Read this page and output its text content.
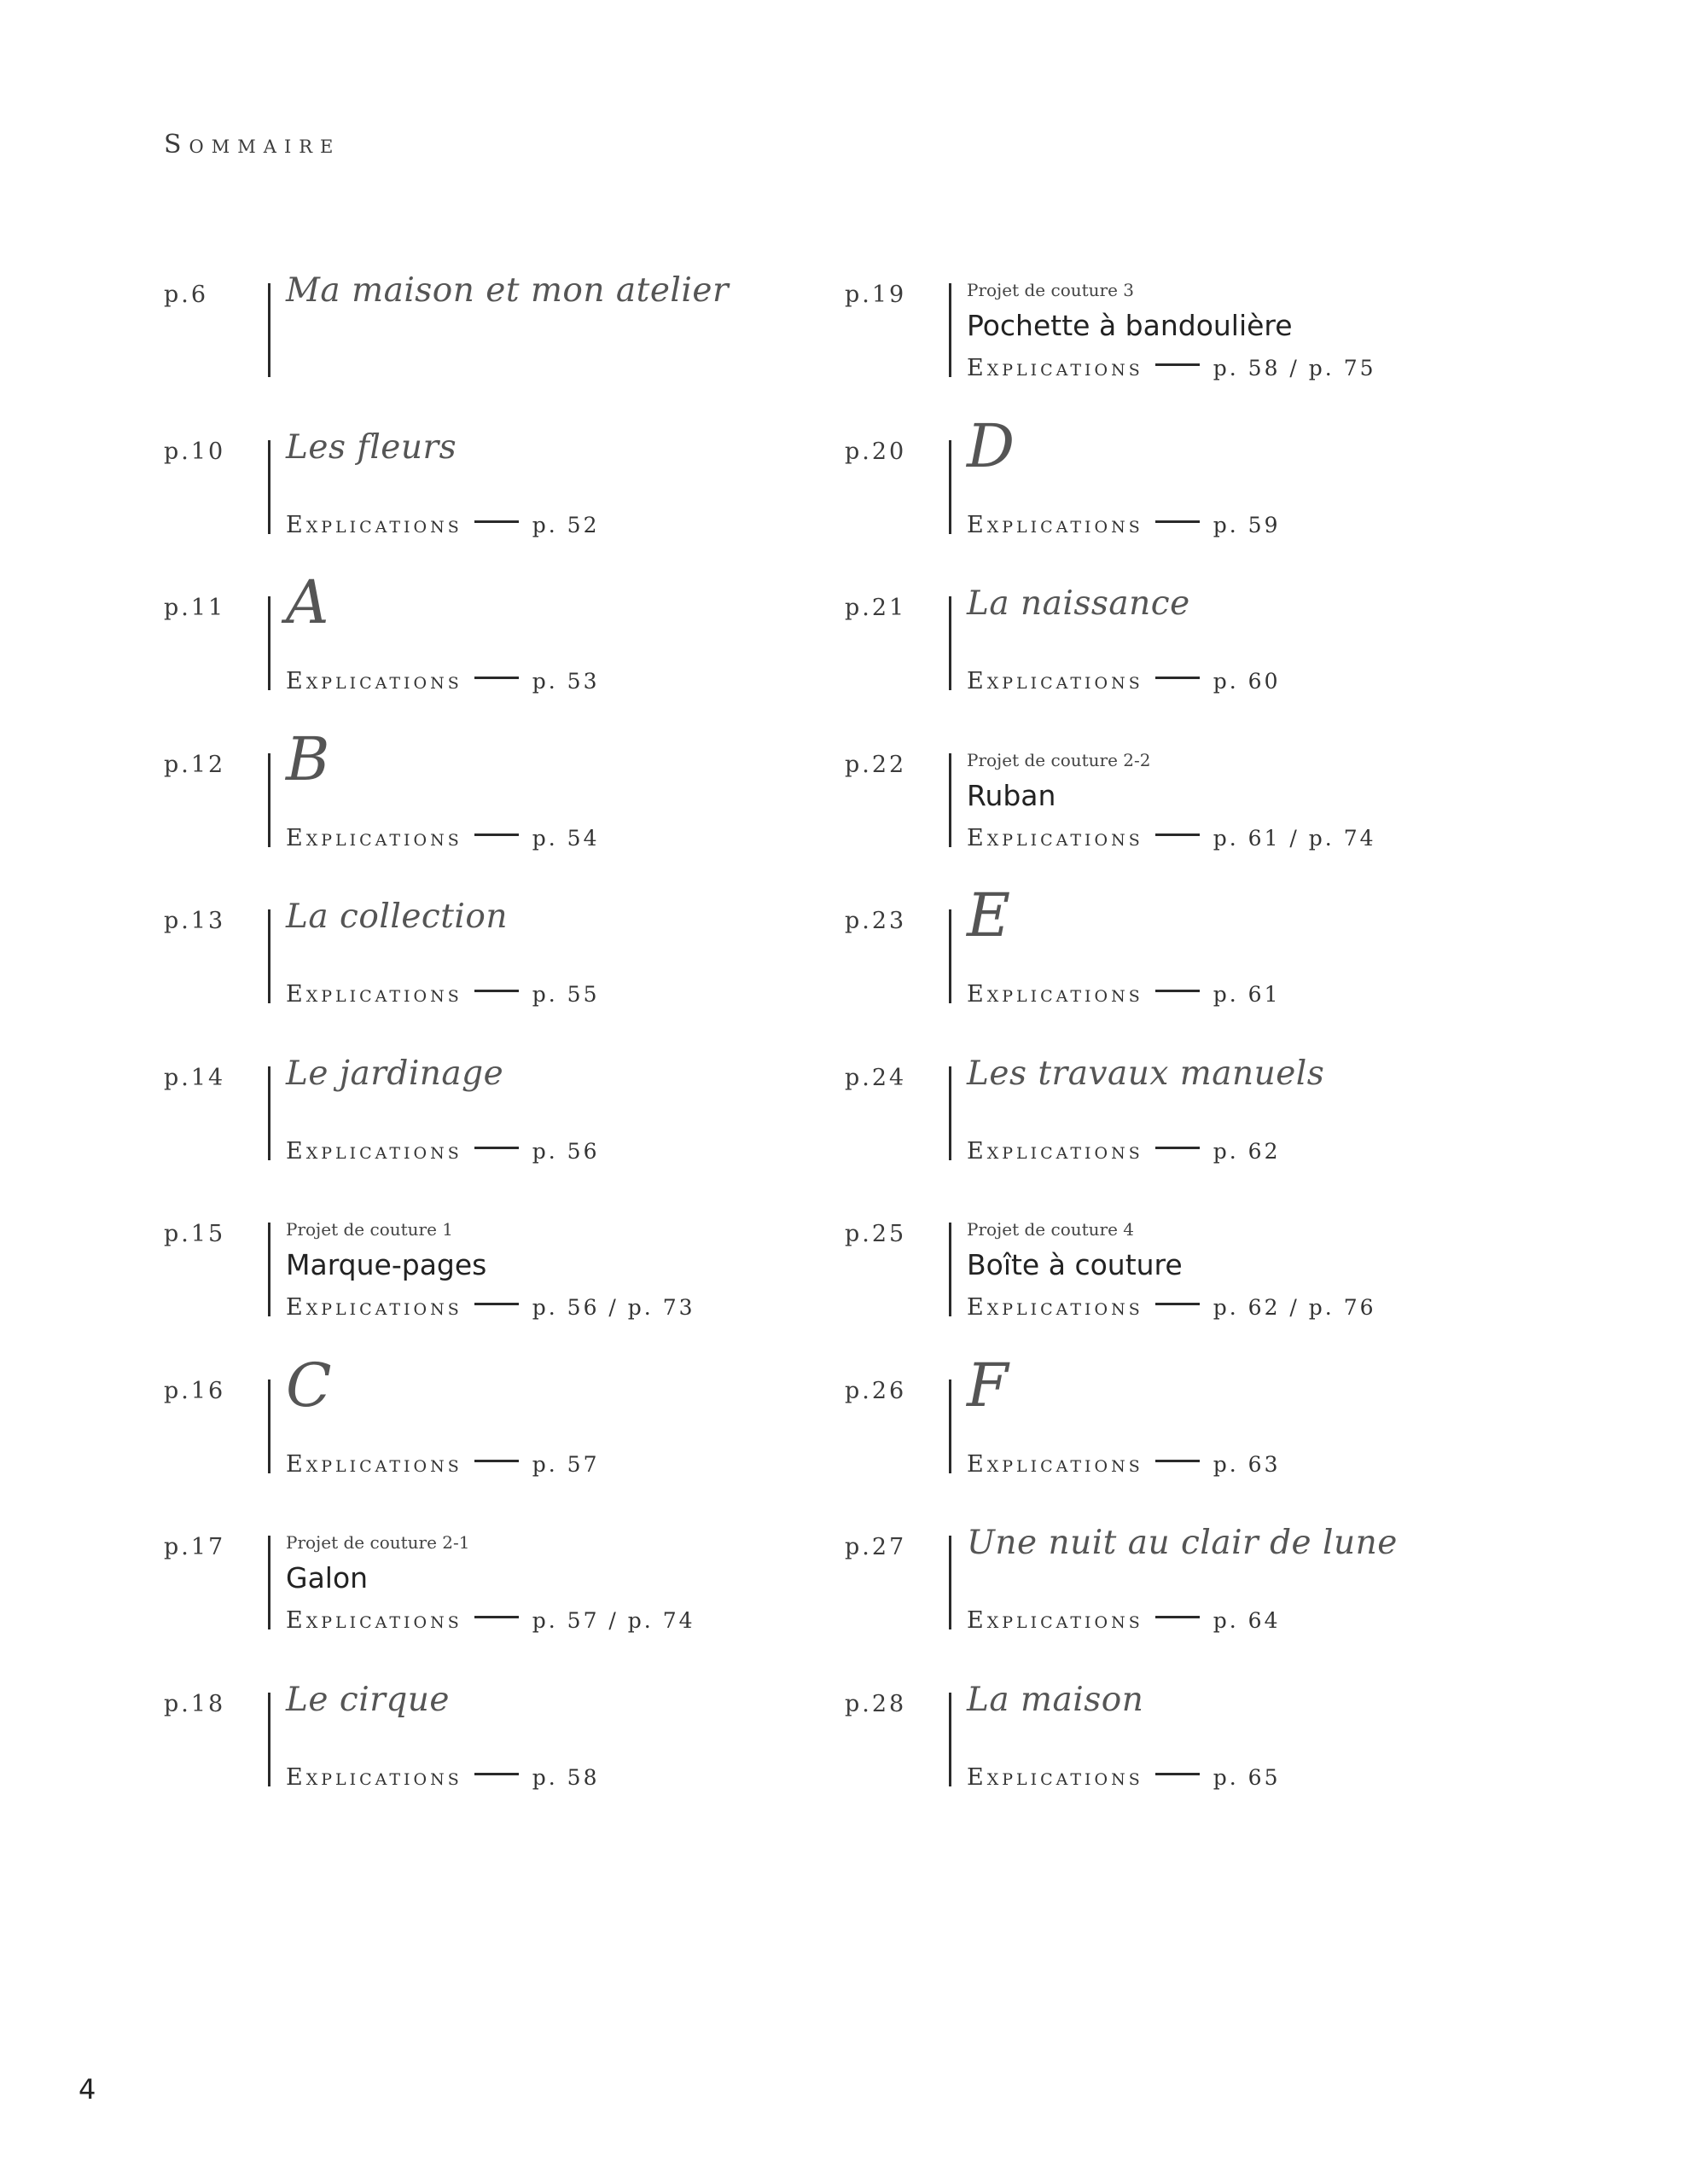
Sommaire
p.6	Ma maison et mon atelier
p.10	Les fleurs
Explications	p. 52
p.11	A
Explications	p. 53
p.12	B
Explications	p. 54
p.13	La collection
Explications	p. 55
p.14	Le jardinage
Explications	p. 56
p.15	Projet de couture 1
Marque-pages
Explications	p. 56 / p. 73
p.16	C
Explications	p. 57
p.17	Projet de couture 2-1
Galon
Explications	p. 57 / p. 74
p.18	Le cirque
Explications	p. 58
p.19	Projet de couture 3
Pochette à bandoulière
Explications	p. 58 / p. 75
p.20	D
Explications	p. 59
p.21	La naissance
Explications	p. 60
p.22	Projet de couture 2-2
Ruban
Explications	p. 61 / p. 74
p.23	E
Explications	p. 61
p.24	Les travaux manuels
Explications	p. 62
p.25	Projet de couture 4
Boîte à couture
Explications	p. 62 / p. 76
p.26	F
Explications	p. 63
p.27	Une nuit au clair de lune
Explications	p. 64
p.28	La maison
Explications	p. 65
4
